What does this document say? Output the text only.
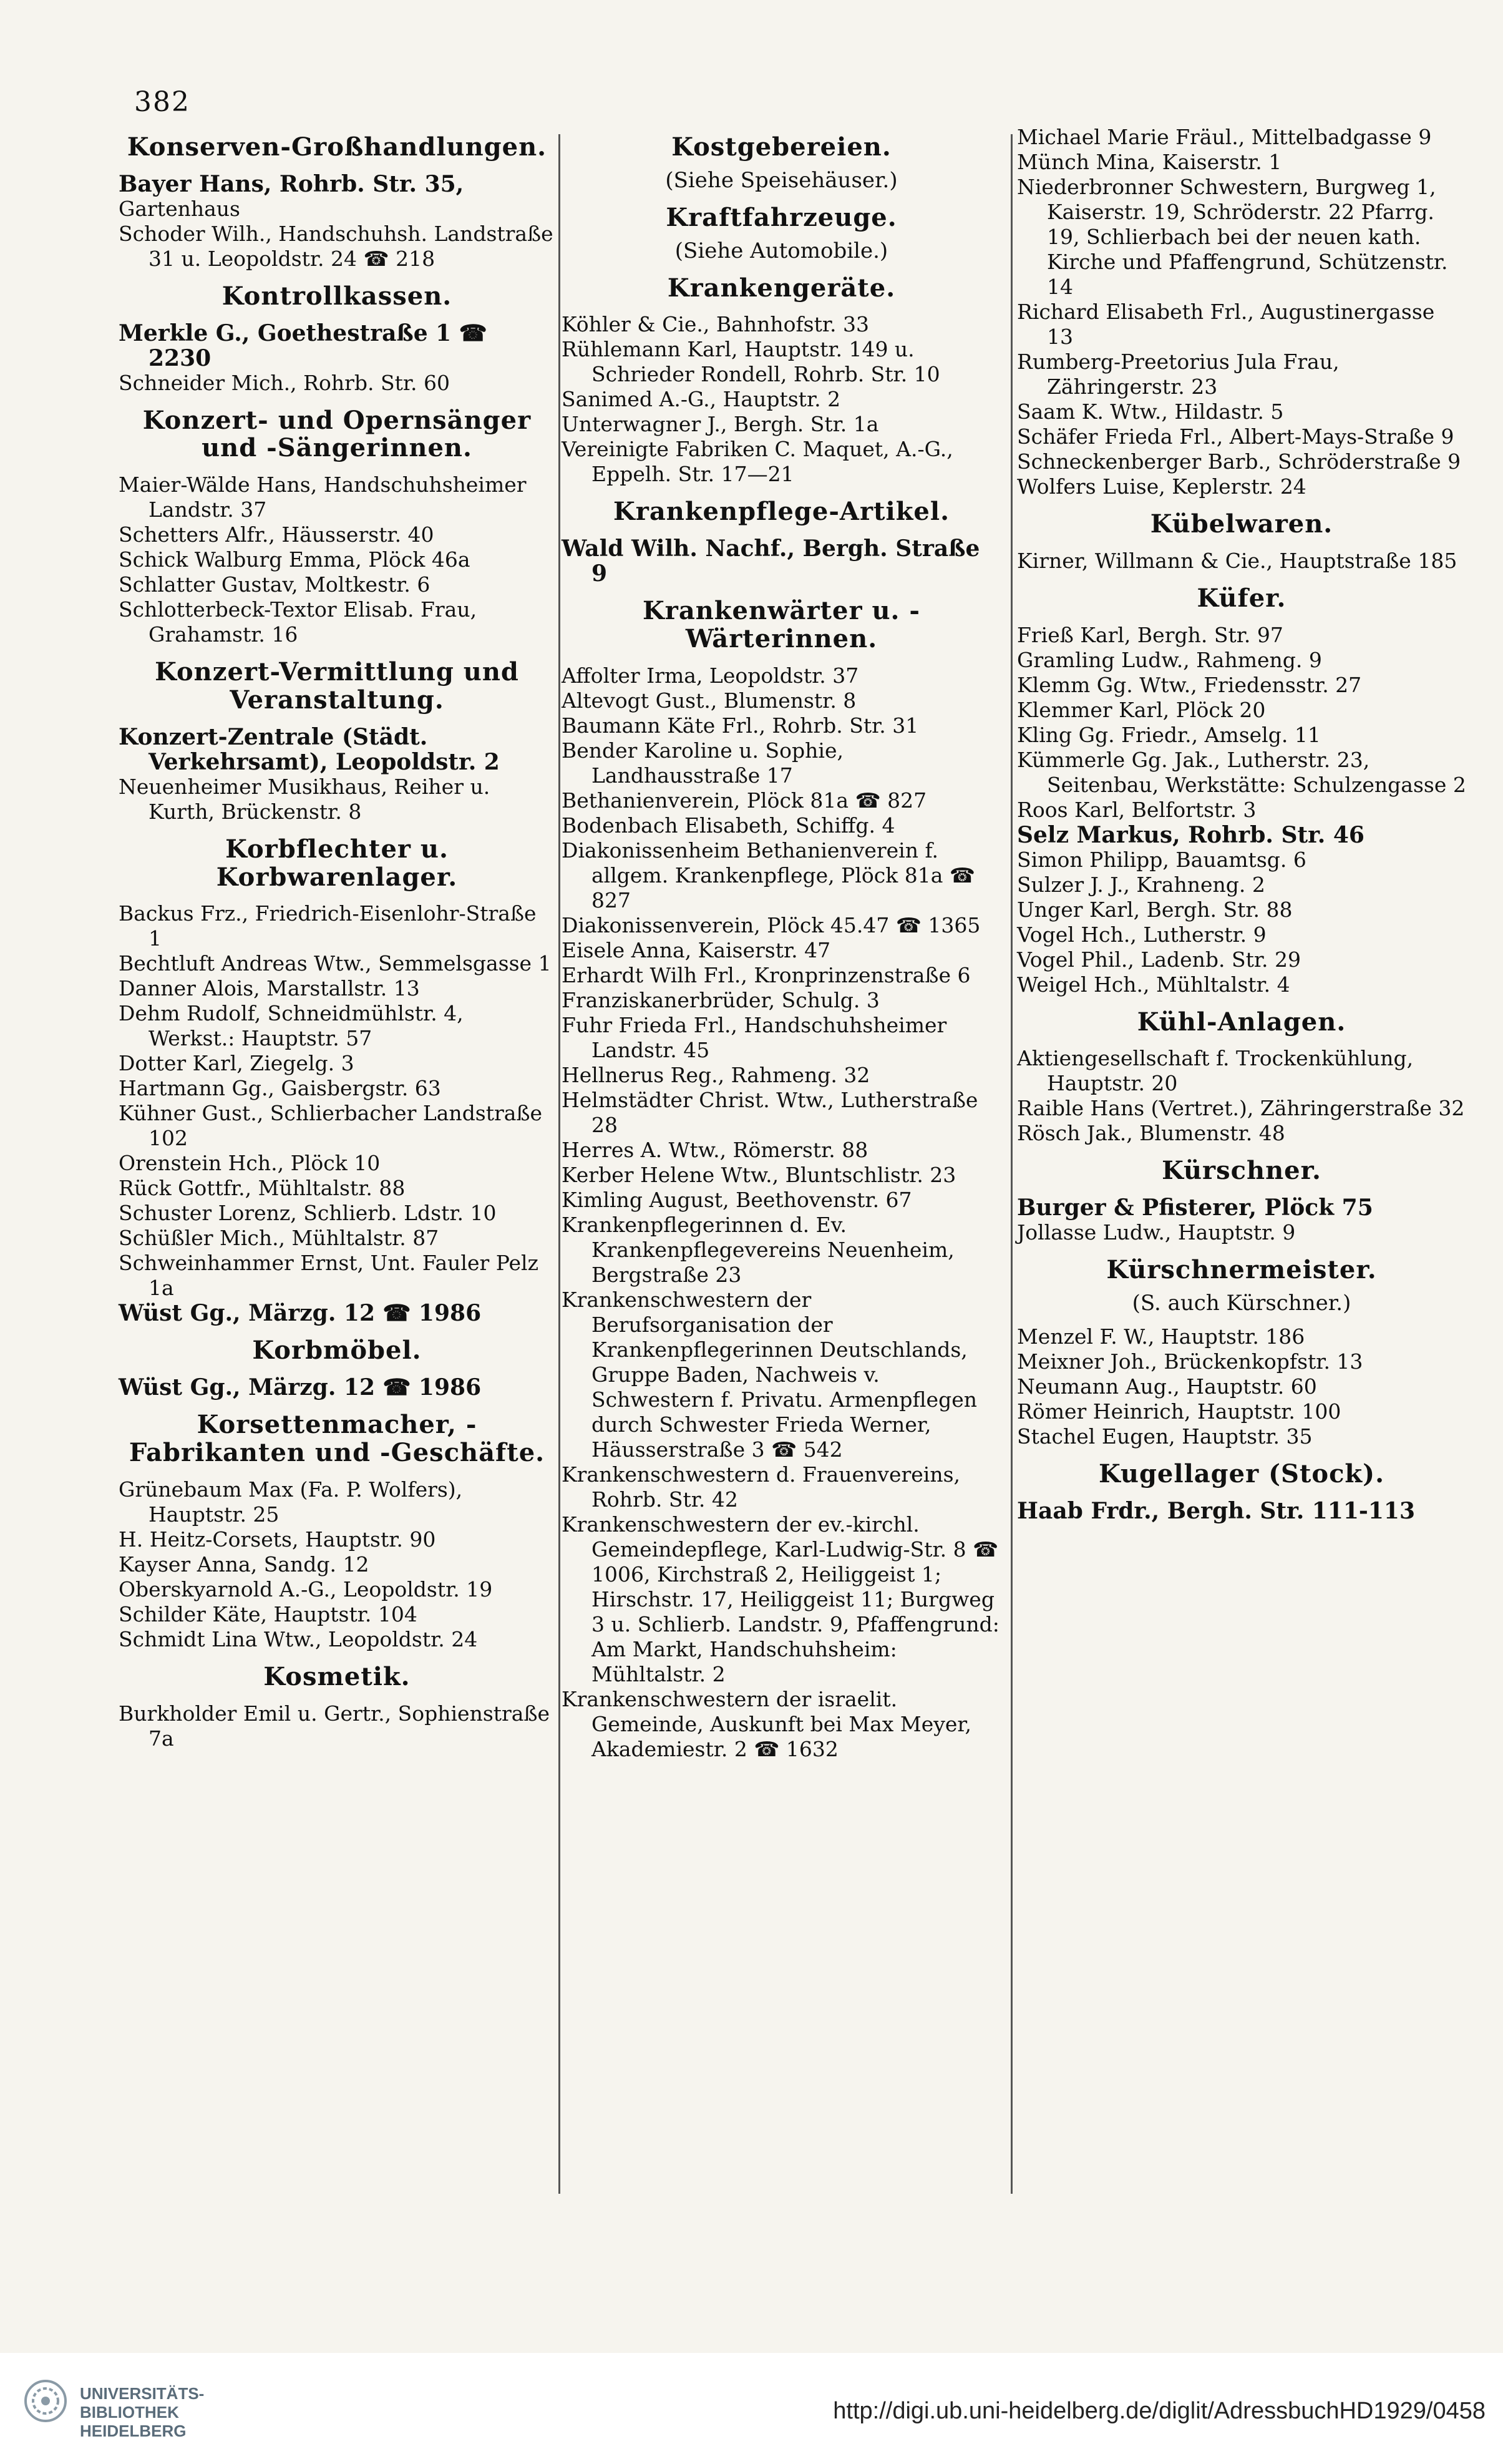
382
Konserven-Großhandlungen.

Bayer Hans, Rohrb. Str. 35,

Gartenhaus

Schoder Wilh., Handschuhsh. Landstraße 31 u. Leopoldstr. 24 ☎ 218

Kontrollkassen.

Merkle G., Goethestraße 1 ☎ 2230

Schneider Mich., Rohrb. Str. 60

Konzert- und Opernsänger und -Sängerinnen.

Maier-Wälde Hans, Handschuhsheimer Landstr. 37

Schetters Alfr., Häusserstr. 40

Schick Walburg Emma, Plöck 46a

Schlatter Gustav, Moltkestr. 6

Schlotterbeck-Textor Elisab. Frau, Grahamstr. 16

Konzert-Vermittlung und Veranstaltung.

Konzert-Zentrale (Städt. Verkehrsamt), Leopoldstr. 2

Neuenheimer Musikhaus, Reiher u. Kurth, Brückenstr. 8

Korbflechter u. Korbwarenlager.

Backus Frz., Friedrich-Eisenlohr-Straße 1

Bechtluft Andreas Wtw., Semmelsgasse 1

Danner Alois, Marstallstr. 13

Dehm Rudolf, Schneidmühlstr. 4, Werkst.: Hauptstr. 57

Dotter Karl, Ziegelg. 3

Hartmann Gg., Gaisbergstr. 63

Kühner Gust., Schlierbacher Landstraße 102

Orenstein Hch., Plöck 10

Rück Gottfr., Mühltalstr. 88

Schuster Lorenz, Schlierb. Ldstr. 10

Schüßler Mich., Mühltalstr. 87

Schweinhammer Ernst, Unt. Fauler Pelz 1a

Wüst Gg., Märzg. 12 ☎ 1986

Korbmöbel.

Wüst Gg., Märzg. 12 ☎ 1986

Korsettenmacher, -Fabrikanten und -Geschäfte.

Grünebaum Max (Fa. P. Wolfers), Hauptstr. 25

H. Heitz-Corsets, Hauptstr. 90

Kayser Anna, Sandg. 12

Oberskyarnold A.-G., Leopoldstr. 19

Schilder Käte, Hauptstr. 104

Schmidt Lina Wtw., Leopoldstr. 24

Kosmetik.

Burkholder Emil u. Gertr., Sophienstraße 7a

Kostgebereien.
(Siehe Speisehäuser.)
Kraftfahrzeuge.
(Siehe Automobile.)
Krankengeräte.

Köhler & Cie., Bahnhofstr. 33

Rühlemann Karl, Hauptstr. 149 u. Schrieder Rondell, Rohrb. Str. 10

Sanimed A.-G., Hauptstr. 2

Unterwagner J., Bergh. Str. 1a

Vereinigte Fabriken C. Maquet, A.-G., Eppelh. Str. 17—21

Krankenpflege-Artikel.

Wald Wilh. Nachf., Bergh. Straße 9

Krankenwärter u. -Wärterinnen.

Affolter Irma, Leopoldstr. 37

Altevogt Gust., Blumenstr. 8

Baumann Käte Frl., Rohrb. Str. 31

Bender Karoline u. Sophie, Landhausstraße 17

Bethanienverein, Plöck 81a ☎ 827

Bodenbach Elisabeth, Schiffg. 4

Diakonissenheim Bethanienverein f. allgem. Krankenpflege, Plöck 81a ☎ 827

Diakonissenverein, Plöck 45.47 ☎ 1365

Eisele Anna, Kaiserstr. 47

Erhardt Wilh Frl., Kronprinzenstraße 6

Franziskanerbrüder, Schulg. 3

Fuhr Frieda Frl., Handschuhsheimer Landstr. 45

Hellnerus Reg., Rahmeng. 32

Helmstädter Christ. Wtw., Lutherstraße 28

Herres A. Wtw., Römerstr. 88

Kerber Helene Wtw., Bluntschlistr. 23

Kimling August, Beethovenstr. 67

Krankenpflegerinnen d. Ev. Krankenpflegevereins Neuenheim, Bergstraße 23

Krankenschwestern der Berufsorganisation der Krankenpflegerinnen Deutschlands, Gruppe Baden, Nachweis v. Schwestern f. Privatu. Armenpflegen durch Schwester Frieda Werner, Häusserstraße 3 ☎ 542

Krankenschwestern d. Frauenvereins, Rohrb. Str. 42

Krankenschwestern der ev.-kirchl. Gemeindepflege, Karl-Ludwig-Str. 8 ☎ 1006, Kirchstraß 2, Heiliggeist 1; Hirschstr. 17, Heiliggeist 11; Burgweg 3 u. Schlierb. Landstr. 9, Pfaffengrund: Am Markt, Handschuhsheim: Mühltalstr. 2

Krankenschwestern der israelit. Gemeinde, Auskunft bei Max Meyer, Akademiestr. 2 ☎ 1632

Michael Marie Fräul., Mittelbadgasse 9

Münch Mina, Kaiserstr. 1

Niederbronner Schwestern, Burgweg 1, Kaiserstr. 19, Schröderstr. 22 Pfarrg. 19, Schlierbach bei der neuen kath. Kirche und Pfaffengrund, Schützenstr. 14

Richard Elisabeth Frl., Augustinergasse 13

Rumberg-Preetorius Jula Frau, Zähringerstr. 23

Saam K. Wtw., Hildastr. 5

Schäfer Frieda Frl., Albert-Mays-Straße 9

Schneckenberger Barb., Schröderstraße 9

Wolfers Luise, Keplerstr. 24

Kübelwaren.

Kirner, Willmann & Cie., Hauptstraße 185

Küfer.

Frieß Karl, Bergh. Str. 97

Gramling Ludw., Rahmeng. 9

Klemm Gg. Wtw., Friedensstr. 27

Klemmer Karl, Plöck 20

Kling Gg. Friedr., Amselg. 11

Kümmerle Gg. Jak., Lutherstr. 23, Seitenbau, Werkstätte: Schulzengasse 2

Roos Karl, Belfortstr. 3

Selz Markus, Rohrb. Str. 46

Simon Philipp, Bauamtsg. 6

Sulzer J. J., Krahneng. 2

Unger Karl, Bergh. Str. 88

Vogel Hch., Lutherstr. 9

Vogel Phil., Ladenb. Str. 29

Weigel Hch., Mühltalstr. 4

Kühl-Anlagen.

Aktiengesellschaft f. Trockenkühlung, Hauptstr. 20

Raible Hans (Vertret.), Zähringerstraße 32

Rösch Jak., Blumenstr. 48

Kürschner.

Burger & Pfisterer, Plöck 75

Jollasse Ludw., Hauptstr. 9

Kürschnermeister.
(S. auch Kürschner.)

Menzel F. W., Hauptstr. 186

Meixner Joh., Brückenkopfstr. 13

Neumann Aug., Hauptstr. 60

Römer Heinrich, Hauptstr. 100

Stachel Eugen, Hauptstr. 35

Kugellager (Stock).

Haab Frdr., Bergh. Str. 111-113

UNIVERSITÄTS-
BIBLIOTHEK
HEIDELBERG
http://digi.ub.uni-heidelberg.de/diglit/AdressbuchHD1929/0458
